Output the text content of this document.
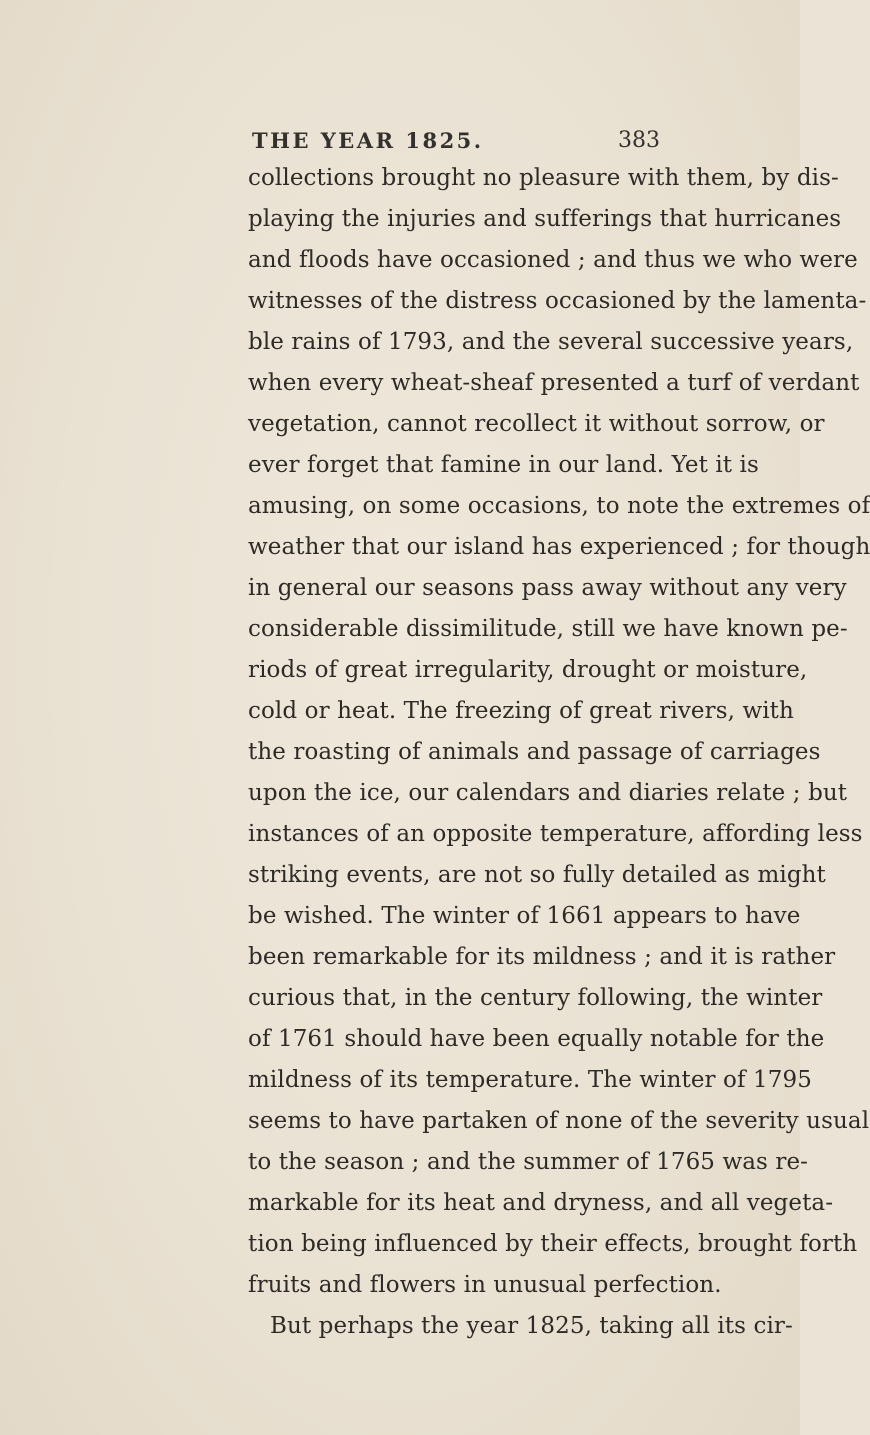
THE YEAR 1825.	383
collections brought no pleasure with them, by dis-
playing the injuries and sufferings that hurricanes
and floods have occasioned ; and thus we who were
witnesses of the distress occasioned by the lamenta-
ble rains of 1793, and the several successive years,
when every wheat-sheaf presented a turf of verdant
vegetation, cannot recollect it without sorrow, or
ever forget that famine in our land. Yet it is
amusing, on some occasions, to note the extremes of
weather that our island has experienced ; for though
in general our seasons pass away without any very
considerable dissimilitude, still we have known pe-
riods of great irregularity, drought or moisture,
cold or heat. The freezing of great rivers, with
the roasting of animals and passage of carriages
upon the ice, our calendars and diaries relate ; but
instances of an opposite temperature, affording less
striking events, are not so fully detailed as might
be wished. The winter of 1661 appears to have
been remarkable for its mildness ; and it is rather
curious that, in the century following, the winter
of 1761 should have been equally notable for the
mildness of its temperature. The winter of 1795
seems to have partaken of none of the severity usual
to the season ; and the summer of 1765 was re-
markable for its heat and dryness, and all vegeta-
tion being influenced by their effects, brought forth
fruits and flowers in unusual perfection.
But perhaps the year 1825, taking all its cir-
